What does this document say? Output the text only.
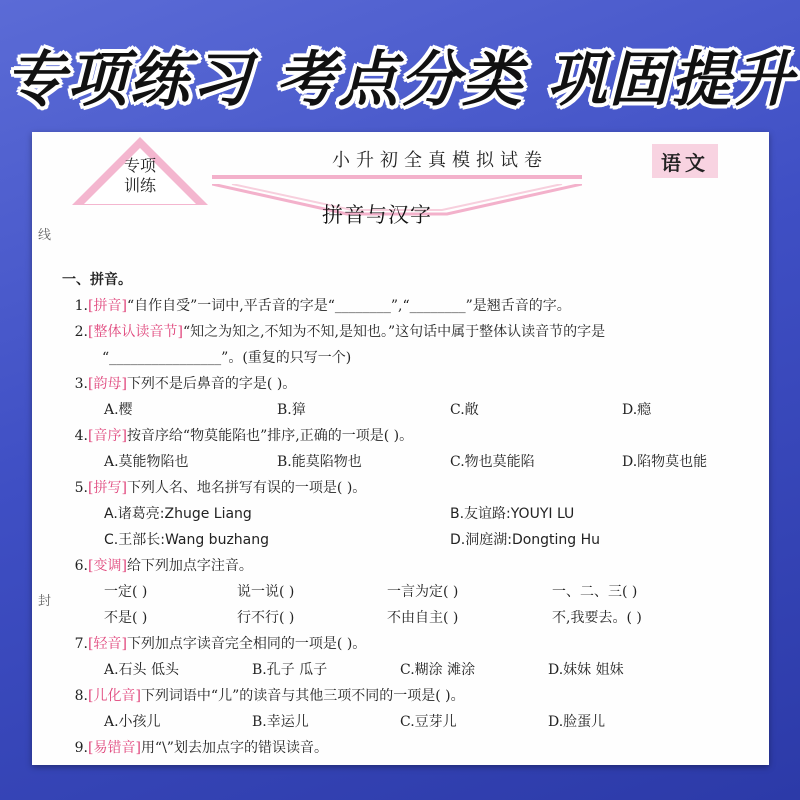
专项练习 考点分类 巩固提升
线
封
专项
训练
小升初全真模拟试卷	语文
拼音与汉字
一、拼音。
1.[拼音]“自作自受”一词中,平舌音的字是“________”,“________”是翘舌音的字。
2.[整体认读音节]“知之为知之,不知为不知,是知也。”这句话中属于整体认读音节的字是
“________________”。(重复的只写一个)
3.[韵母]下列不是后鼻音的字是( )。
A.樱	B.獐	C.敞	D.瘾
4.[音序]按音序给“物莫能陷也”排序,正确的一项是( )。
A.莫能物陷也	B.能莫陷物也	C.物也莫能陷	D.陷物莫也能
5.[拼写]下列人名、地名拼写有误的一项是( )。
A.诸葛亮:Zhuge Liang	B.友谊路:YOUYI LU
C.王部长:Wang buzhang	D.洞庭湖:Dongting Hu
6.[变调]给下列加点字注音。
一定( )	说一说( )	一言为定( )	一、二、三( )
不是( )	行不行( )	不由自主( )	不,我要去。( )
7.[轻音]下列加点字读音完全相同的一项是( )。
A.石头 低头	B.孔子 瓜子	C.糊涂 滩涂	D.妹妹 姐妹
8.[儿化音]下列词语中“儿”的读音与其他三项不同的一项是( )。
A.小孩儿	B.幸运儿	C.豆芽儿	D.脸蛋儿
9.[易错音]用“\”划去加点字的错误读音。
